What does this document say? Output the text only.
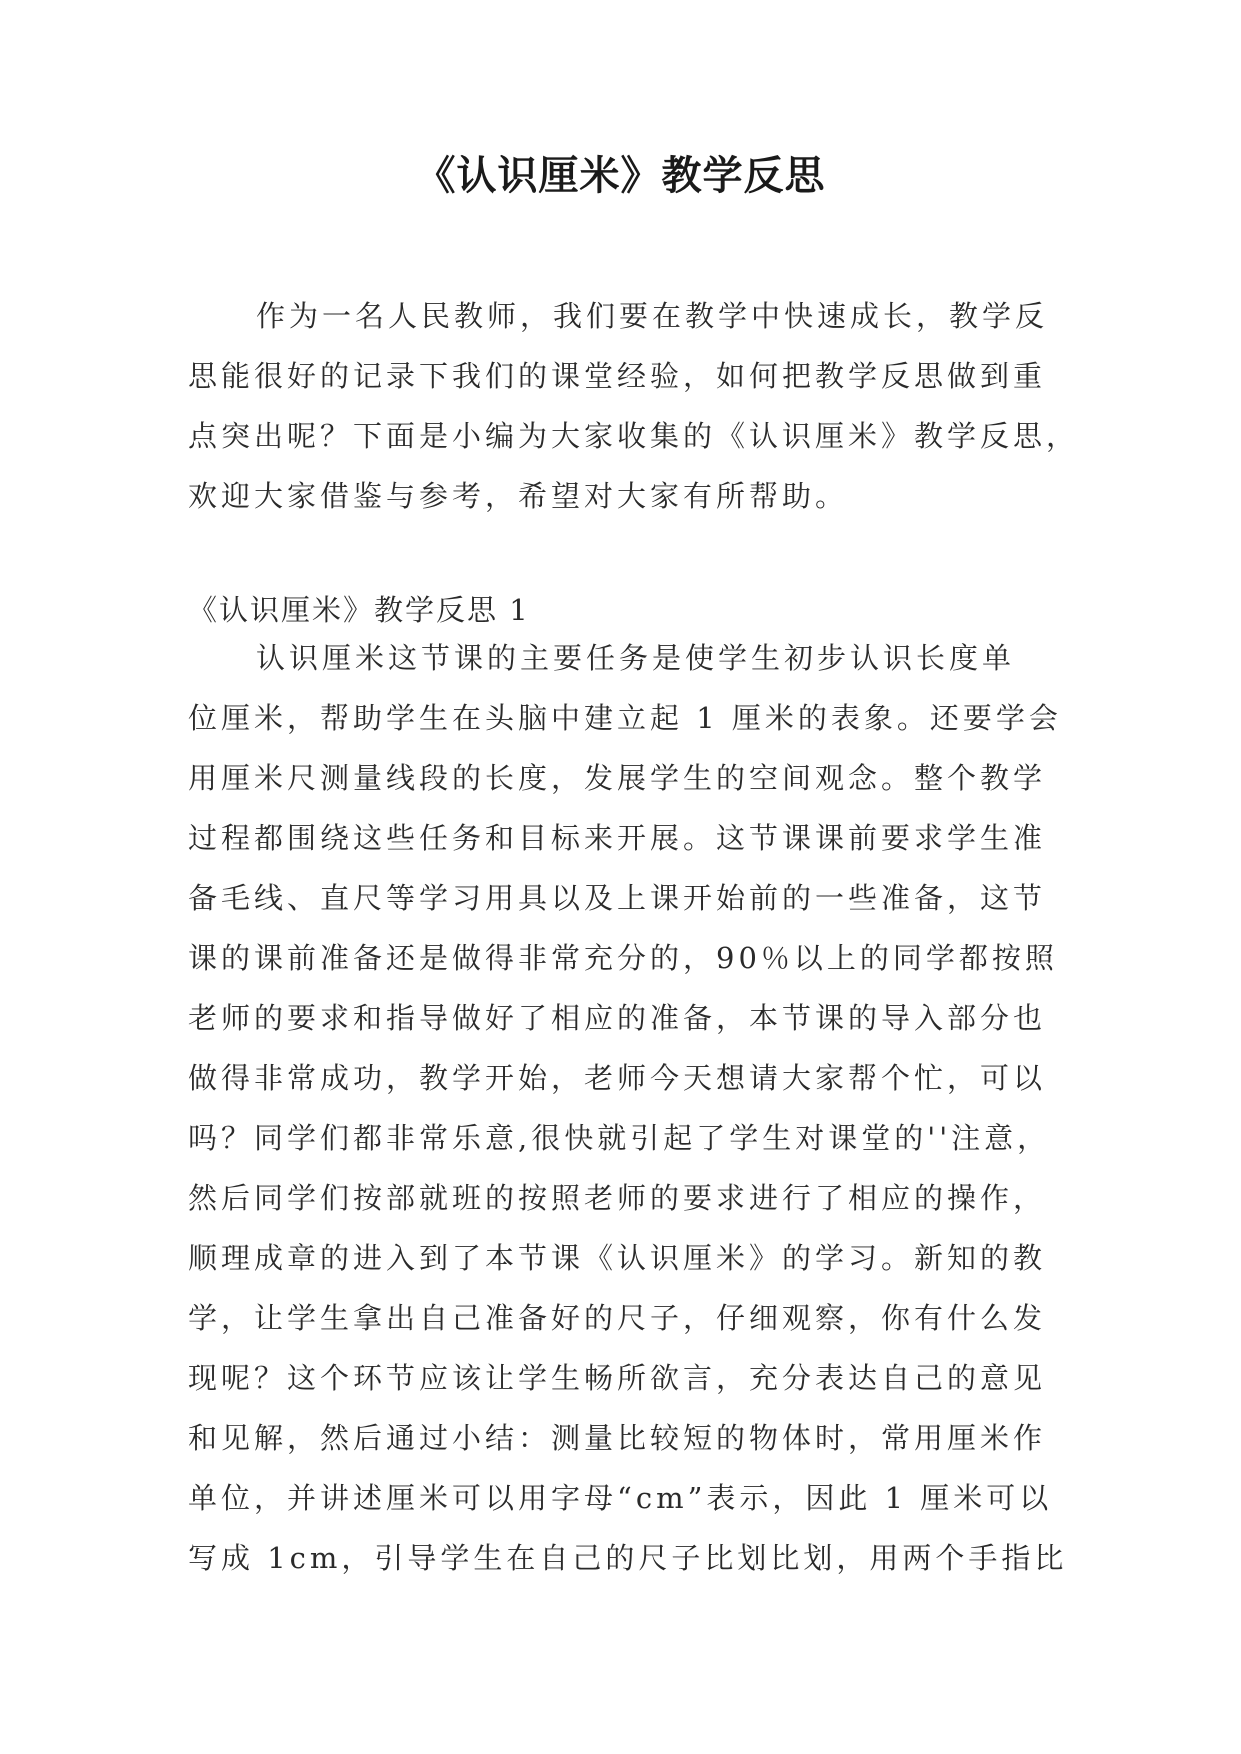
《认识厘米》教学反思
作为一名人民教师，我们要在教学中快速成长，教学反
思能很好的记录下我们的课堂经验，如何把教学反思做到重
点突出呢？下面是小编为大家收集的《认识厘米》教学反思，
欢迎大家借鉴与参考，希望对大家有所帮助。
《认识厘米》教学反思 1
认识厘米这节课的主要任务是使学生初步认识长度单
位厘米，帮助学生在头脑中建立起 1 厘米的表象。还要学会
用厘米尺测量线段的长度，发展学生的空间观念。整个教学
过程都围绕这些任务和目标来开展。这节课课前要求学生准
备毛线、直尺等学习用具以及上课开始前的一些准备，这节
课的课前准备还是做得非常充分的，90％以上的同学都按照
老师的要求和指导做好了相应的准备，本节课的导入部分也
做得非常成功，教学开始，老师今天想请大家帮个忙，可以
吗？同学们都非常乐意,很快就引起了学生对课堂的''注意，
然后同学们按部就班的按照老师的要求进行了相应的操作，
顺理成章的进入到了本节课《认识厘米》的学习。新知的教
学，让学生拿出自己准备好的尺子，仔细观察，你有什么发
现呢？这个环节应该让学生畅所欲言，充分表达自己的意见
和见解，然后通过小结：测量比较短的物体时，常用厘米作
单位，并讲述厘米可以用字母“cm”表示，因此 1 厘米可以
写成 1cm，引导学生在自己的尺子比划比划，用两个手指比
